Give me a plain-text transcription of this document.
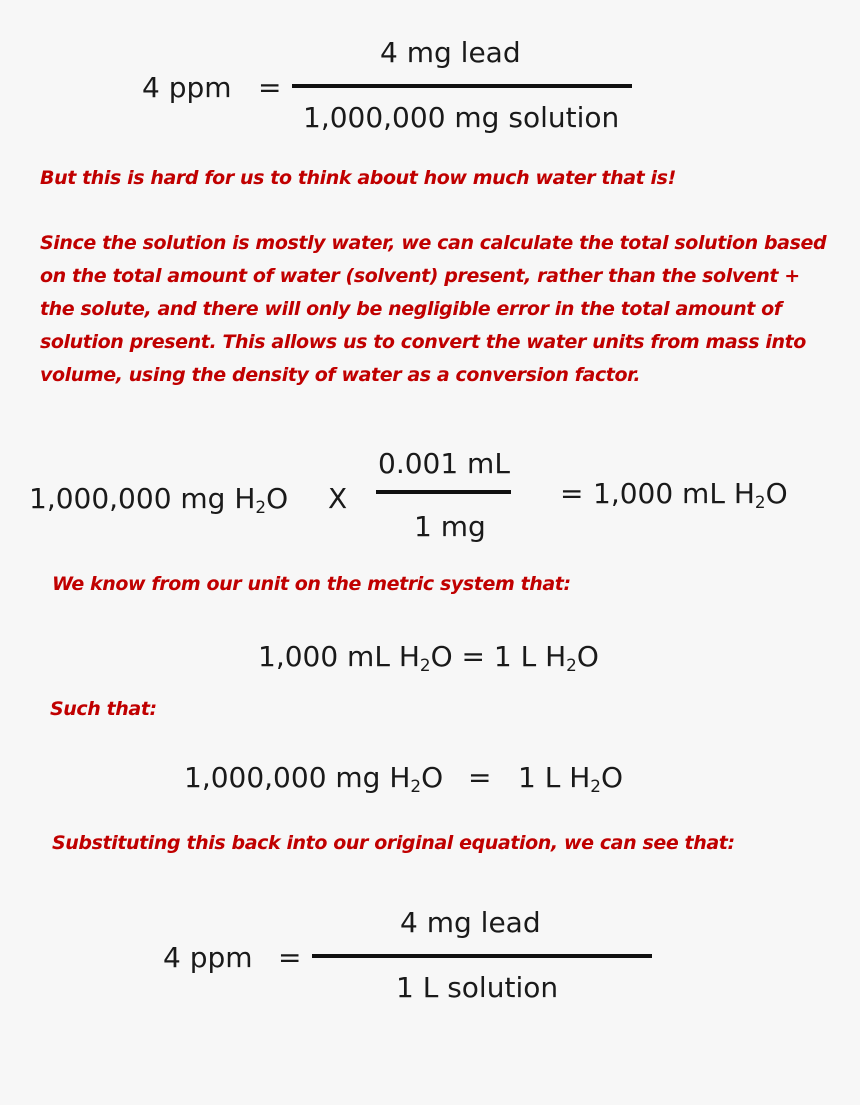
4 ppm =
4 mg lead
1,000,000 mg solution
But this is hard for us to think about how much water that is!
Since the solution is mostly water, we can calculate the total solution based on the total amount of water (solvent) present, rather than the solvent + the solute, and there will only be negligible error in the total amount of solution present. This allows us to convert the water units from mass into volume, using the density of water as a conversion factor.
1,000,000 mg $H_2O$ X
0.001 mL
1 mg
= 1,000 mL $H_2O$
We know from our unit on the metric system that:
1,000 mL $H_2O = 1$ L $H_2O$
Such that:
1,000,000 mg $H_2O = 1$ L $H_2O$
Substituting this back into our original equation, we can see that:
4 ppm =
4 mg lead
1 L solution
